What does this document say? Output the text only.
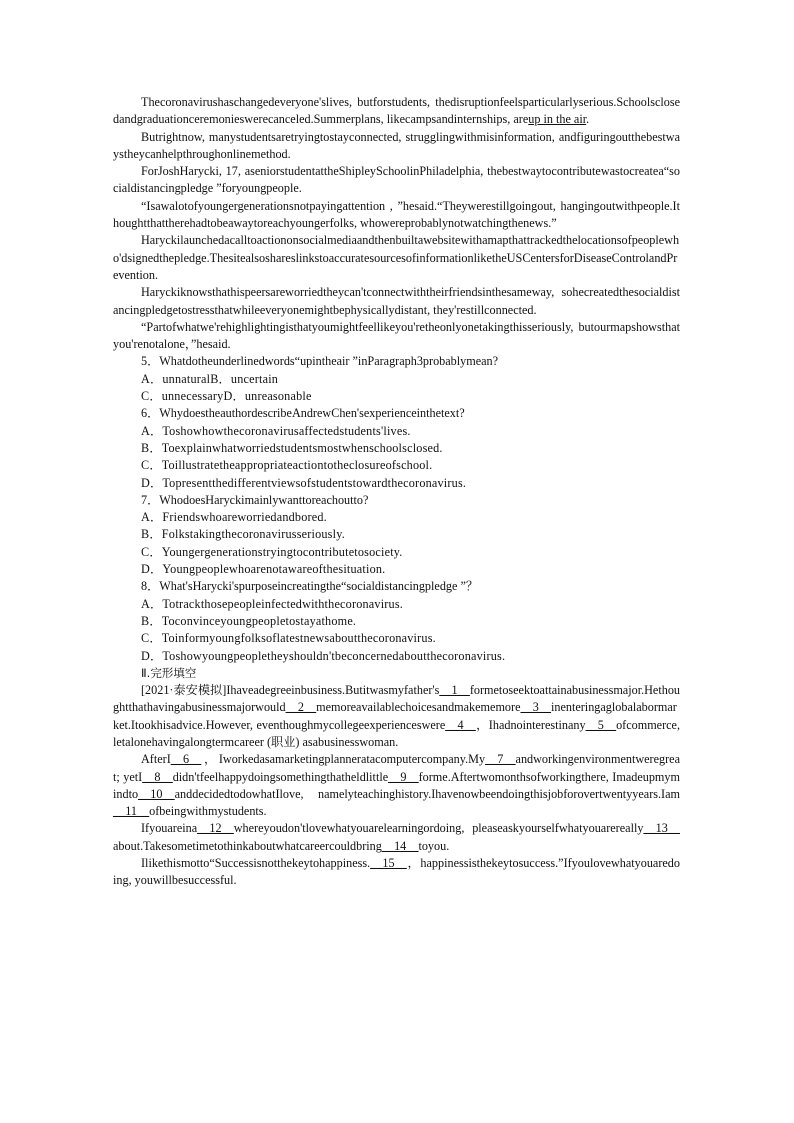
Thecoronavirushaschangedeveryone'slives, butforstudents, thedisruptionfeelsparticularlyserious.Schoolsclosedandgraduationceremonieswerecanceled.Summerplans, likecampsandinternships, areup in the air.

Butrightnow, manystudentsaretryingtostayconnected, strugglingwithmisinformation, andfiguringoutthebestwaystheycanhelpthroughonlinemethod.

ForJoshHarycki, 17, aseniorstudentattheShipleySchoolinPhiladelphia, thebestwaytocontributewastocreatea“socialdistancingpledge ”foryoungpeople.

“Isawalotofyoungergenerationsnotpayingattention , ”hesaid.“Theywerestillgoingout, hangingoutwithpeople.Ithoughtthattherehadtobeawaytoreachyoungerfolks, whowereprobablynotwatchingthenews.”

Haryckilaunchedacalltoactiononsocialmediaandthenbuiltawebsitewithamapthattrackedthelocationsofpeoplewho'dsignedthepledge.ThesitealsoshareslinkstoaccuratesourcesofinformationliketheUSCentersforDiseaseControlandPrevention.

Haryckiknowsthathispeersareworriedtheycan'tconnectwiththeirfriendsinthesameway, sohecreatedthesocialdistancingpledgetostressthatwhileeveryonemightbephysicallydistant, they'restillconnected.

“Partofwhatwe'rehighlightingisthatyoumightfeellikeyou'retheonlyonetakingthisseriously, butourmapshowsthatyou'renotalone，”hesaid.

5．Whatdotheunderlinedwords“upintheair ”inParagraph3probablymean?

A．unnaturalB．uncertain

C．unnecessaryD．unreasonable

6．WhydoestheauthordescribeAndrewChen'sexperienceinthetext?

A．Toshowhowthecoronavirusaffectedstudents'lives.

B．Toexplainwhatworriedstudentsmostwhenschoolsclosed.

C．Toillustratetheappropriateactiontotheclosureofschool.

D．Topresentthedifferentviewsofstudentstowardthecoronavirus.

7．WhodoesHaryckimainlywanttoreachoutto?

A．Friendswhoareworriedandbored.

B．Folkstakingthecoronavirusseriously.

C．Youngergenerationstryingtocontributetosociety.

D．Youngpeoplewhoarenotawareofthesituation.

8．What'sHarycki'spurposeincreatingthe“socialdistancingpledge ”？

A．Totrackthosepeopleinfectedwiththecoronavirus.

B．Toconvinceyoungpeopletostayathome.

C．Toinformyoungfolksoflatestnewsaboutthecoronavirus.

D．Toshowyoungpeopletheyshouldn'tbeconcernedaboutthecoronavirus.

Ⅱ.完形填空

[2021·泰安模拟]Ihaveadegreeinbusiness.Butitwasmyfather's__1__formetoseektoattainabusinessmajor.Hethoughtthathavingabusinessmajorwould__2__memoreavailablechoicesandmakememore__3__inenteringaglobalabormarket.Itookhisadvice.However, eventhoughmycollegeexperienceswere__4__，Ihadnointerestinany__5__ofcommerce, letalonehavingalongtermcareer (职业) asabusinesswoman.

AfterI__6__，Iworkedasamarketingplanneratacomputercompany.My__7__andworkingenvironmentweregreat; yetI__8__didn'tfeelhappydoingsomethingthatheldlittle__9__forme.Aftertwomonthsofworkingthere, Imadeupmymindto__10__anddecidedtodowhatIlove, namelyteachinghistory.Ihavenowbeendoingthisjobforovertwentyyears.Iam__11__ofbeingwithmystudents.

Ifyouareina__12__whereyoudon'tlovewhatyouarelearningordoing, pleaseaskyourselfwhatyouarereally__13__about.Takesometimetothinkaboutwhatcareercouldbring__14__toyou.

Ilikethismotto“Successisnotthekeytohappiness.__15__，happinessisthekeytosuccess.”Ifyoulovewhatyouaredoing, youwillbesuccessful.
